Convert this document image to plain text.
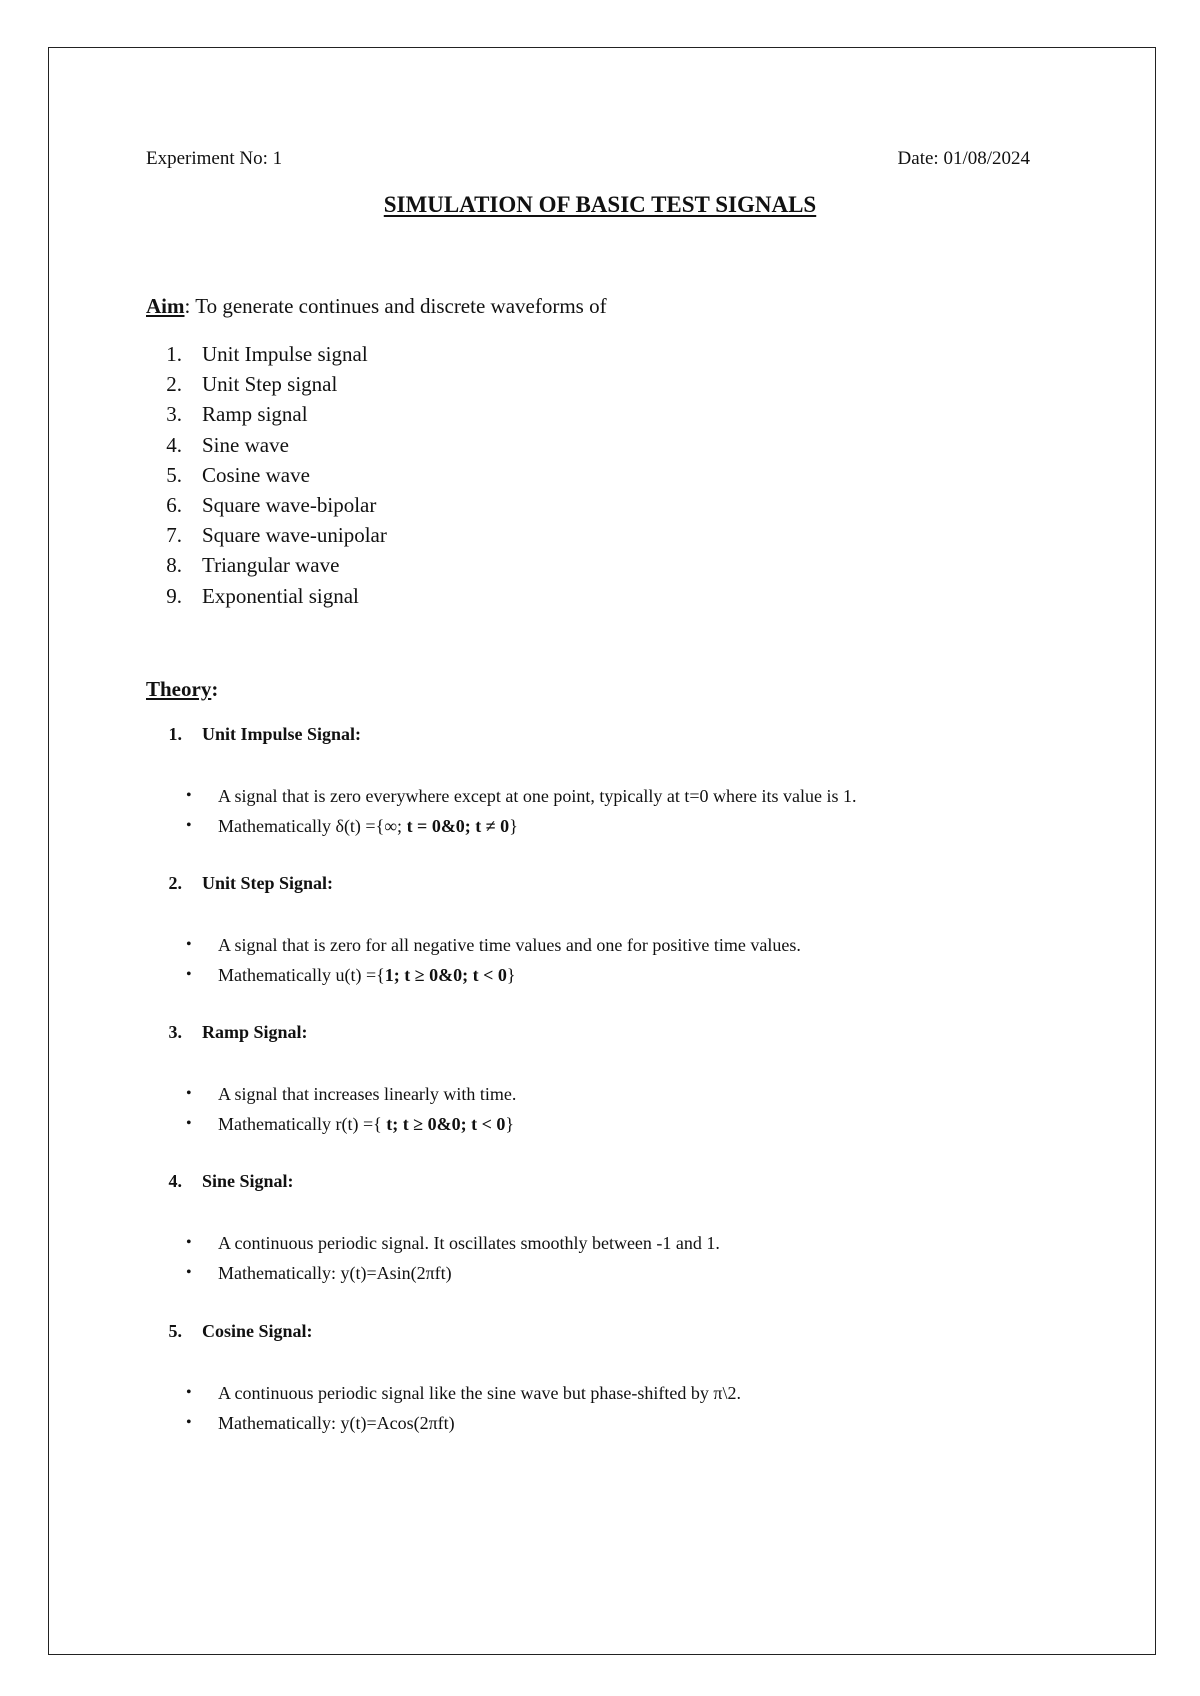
Experiment No: 1	Date: 01/08/2024
SIMULATION OF BASIC TEST SIGNALS
Aim: To generate continues and discrete waveforms of
1. Unit Impulse signal
2. Unit Step signal
3. Ramp signal
4. Sine wave
5. Cosine wave
6. Square wave-bipolar
7. Square wave-unipolar
8. Triangular wave
9. Exponential signal
Theory:
1. Unit Impulse Signal:
• A signal that is zero everywhere except at one point, typically at t=0 where its value is 1.
• Mathematically δ(t) ={∞; t = 0&0; t ≠ 0}
2. Unit Step Signal:
• A signal that is zero for all negative time values and one for positive time values.
• Mathematically u(t) ={1; t ≥ 0&0; t < 0}
3. Ramp Signal:
• A signal that increases linearly with time.
• Mathematically r(t) ={ t; t ≥ 0&0; t < 0}
4. Sine Signal:
• A continuous periodic signal. It oscillates smoothly between -1 and 1.
• Mathematically: y(t)=Asin(2πft)
5. Cosine Signal:
• A continuous periodic signal like the sine wave but phase-shifted by π\2.
• Mathematically: y(t)=Acos(2πft)
